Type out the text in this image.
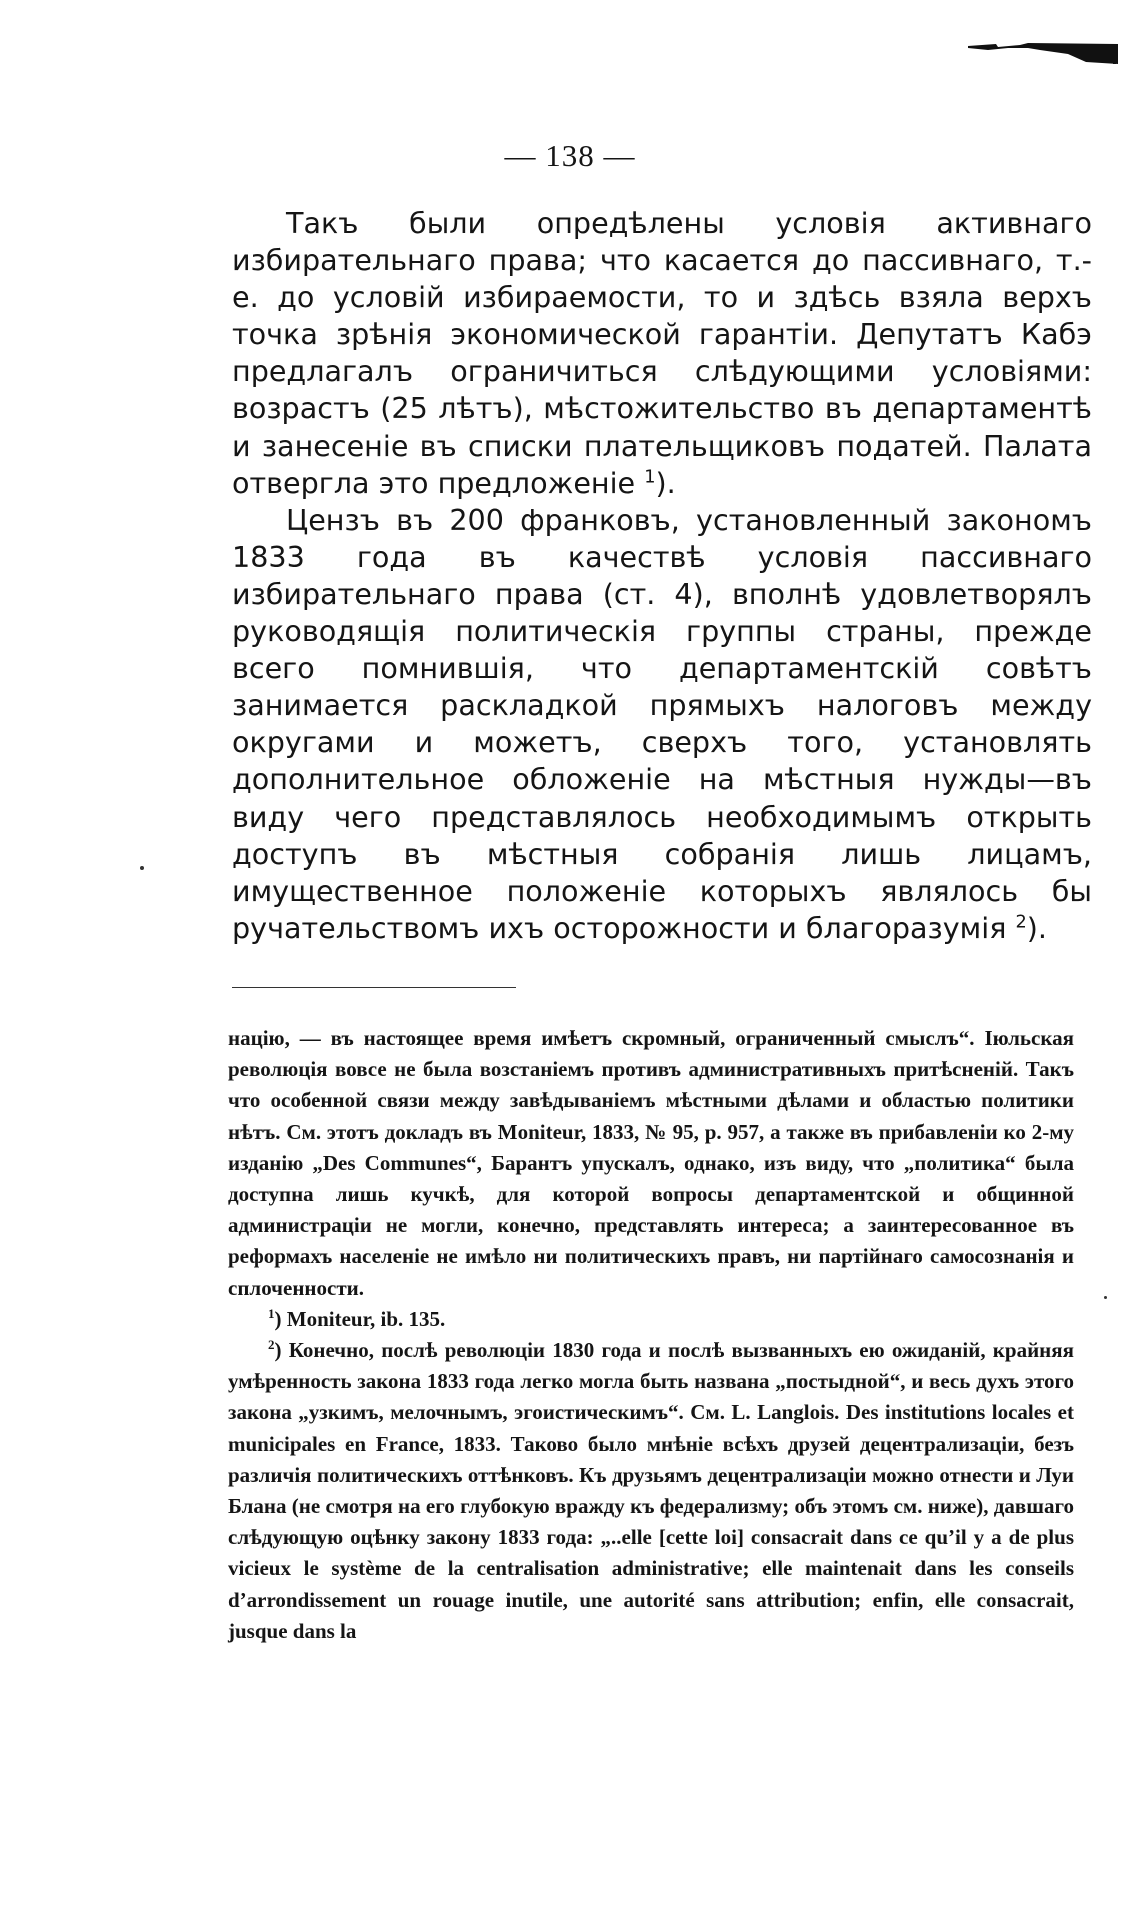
— 138 —

Такъ были опредѣлены условія активнаго избирательнаго права; что касается до пассивнаго, т.-е. до условій избираемости, то и здѣсь взяла верхъ точка зрѣнія экономической гарантіи. Депутатъ Кабэ предлагалъ ограничиться слѣдующими условіями: возрастъ (25 лѣтъ), мѣстожительство въ департаментѣ и занесеніе въ списки плательщиковъ податей. Палата отвергла это предложеніе $^1$).

Цензъ въ 200 франковъ, установленный закономъ 1833 года въ качествѣ условія пассивнаго избирательнаго права (ст. 4), вполнѣ удовлетворялъ руководящія политическія группы страны, прежде всего помнившія, что департаментскій совѣтъ занимается раскладкой прямыхъ налоговъ между округами и можетъ, сверхъ того, установлять дополнительное обложеніе на мѣстныя нужды—въ виду чего представлялось необходимымъ открыть доступъ въ мѣстныя собранія лишь лицамъ, имущественное положеніе которыхъ являлось бы ручательствомъ ихъ осторожности и благоразумія $^2$).

націю, — въ настоящее время имѣетъ скромный, ограниченный смыслъ“. Іюльская революція вовсе не была возстаніемъ противъ административныхъ притѣсненій. Такъ что особенной связи между завѣдываніемъ мѣстными дѣлами и областью политики нѣтъ. См. этотъ докладъ въ Moniteur, 1833, № 95, p. 957, а также въ прибавленіи ко 2-му изданію „Des Communes“, Барантъ упускалъ, однако, изъ виду, что „политика“ была доступна лишь кучкѣ, для которой вопросы департаментской и общинной администраціи не могли, конечно, представлять интереса; а заинтересованное въ реформахъ населеніе не имѣло ни политическихъ правъ, ни партійнаго самосознанія и сплоченности.

$^1$) Moniteur, ib. 135.

$^2$) Конечно, послѣ революціи 1830 года и послѣ вызванныхъ ею ожиданій, крайняя умѣренность закона 1833 года легко могла быть названа „постыдной“, и весь духъ этого закона „узкимъ, мелочнымъ, эгоистическимъ“. См. L. Langlois. Des institutions locales et municipales en France, 1833. Таково было мнѣніе всѣхъ друзей децентрализаціи, безъ различія политическихъ оттѣнковъ. Къ друзьямъ децентрализаціи можно отнести и Луи Блана (не смотря на его глубокую вражду къ федерализму; объ этомъ см. ниже), давшаго слѣдующую оцѣнку закону 1833 года: „..elle [cette loi] consacrait dans ce qu’il y a de plus vicieux le système de la centralisation administrative; elle maintenait dans les conseils d’arrondissement un rouage inutile, une autorité sans attribution; enfin, elle consacrait, jusque dans la
